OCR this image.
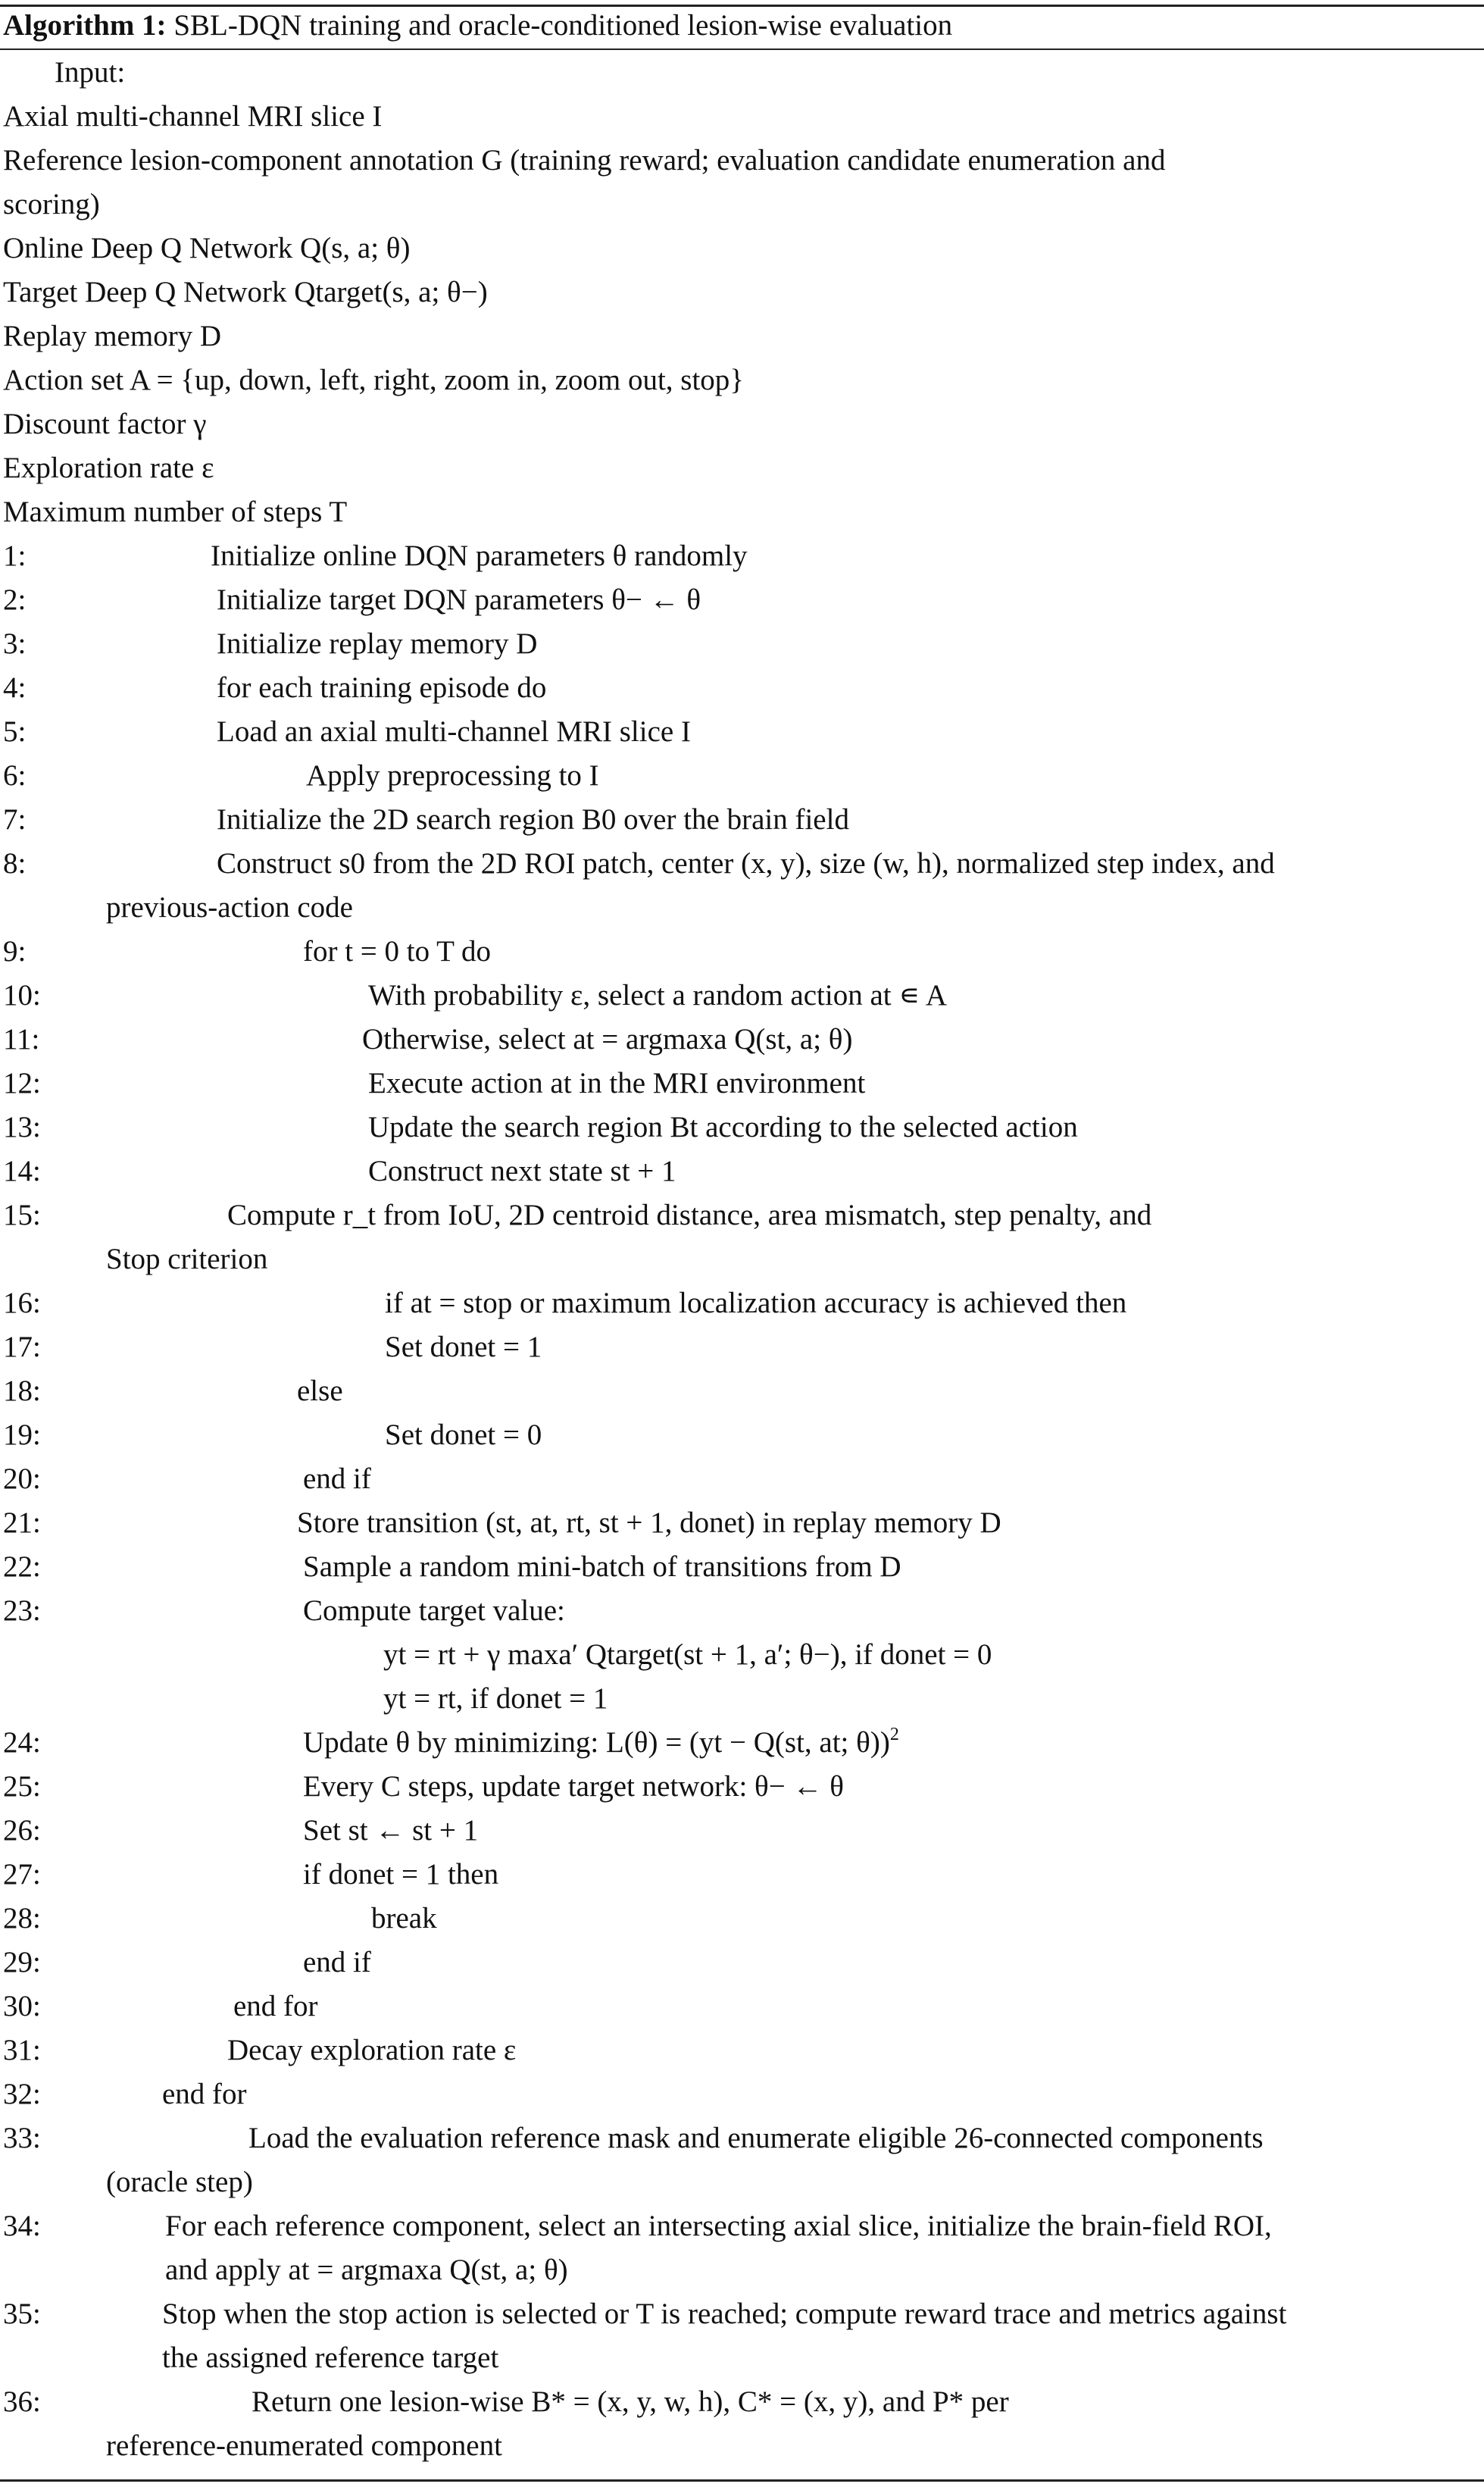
Algorithm 1: SBL-DQN training and oracle-conditioned lesion-wise evaluation
Input:
Axial multi-channel MRI slice I
Reference lesion-component annotation G (training reward; evaluation candidate enumeration and
scoring)
Online Deep Q Network Q(s, a; θ)
Target Deep Q Network Qtarget(s, a; θ−)
Replay memory D
Action set A = {up, down, left, right, zoom in, zoom out, stop}
Discount factor γ
Exploration rate ε
Maximum number of steps T
1:	Initialize online DQN parameters θ randomly
2:	Initialize target DQN parameters θ− ← θ
3:	Initialize replay memory D
4:	for each training episode do
5:	Load an axial multi-channel MRI slice I
6:	Apply preprocessing to I
7:	Initialize the 2D search region B0 over the brain field
8:	Construct s0 from the 2D ROI patch, center (x, y), size (w, h), normalized step index, and
previous-action code
9:	for t = 0 to T do
10:	With probability ε, select a random action at ∊ A
11:	Otherwise, select at = argmaxa Q(st, a; θ)
12:	Execute action at in the MRI environment
13:	Update the search region Bt according to the selected action
14:	Construct next state st + 1
15:	Compute r_t from IoU, 2D centroid distance, area mismatch, step penalty, and
Stop criterion
16:	if at = stop or maximum localization accuracy is achieved then
17:	Set donet = 1
18:	else
19:	Set donet = 0
20:	end if
21:	Store transition (st, at, rt, st + 1, donet) in replay memory D
22:	Sample a random mini-batch of transitions from D
23:	Compute target value:
yt = rt + γ maxa′ Qtarget(st + 1, a′; θ−), if donet = 0
yt = rt, if donet = 1
24:	Update θ by minimizing: L(θ) = (yt − Q(st, at; θ))$^2$
25:	Every C steps, update target network: θ− ← θ
26:	Set st ← st + 1
27:	if donet = 1 then
28:	break
29:	end if
30:	end for
31:	Decay exploration rate ε
32:	end for
33:	Load the evaluation reference mask and enumerate eligible 26-connected components
(oracle step)
34:	For each reference component, select an intersecting axial slice, initialize the brain-field ROI,
and apply at = argmaxa Q(st, a; θ)
35:	Stop when the stop action is selected or T is reached; compute reward trace and metrics against
the assigned reference target
36:	Return one lesion-wise B* = (x, y, w, h), C* = (x, y), and P* per
reference-enumerated component
